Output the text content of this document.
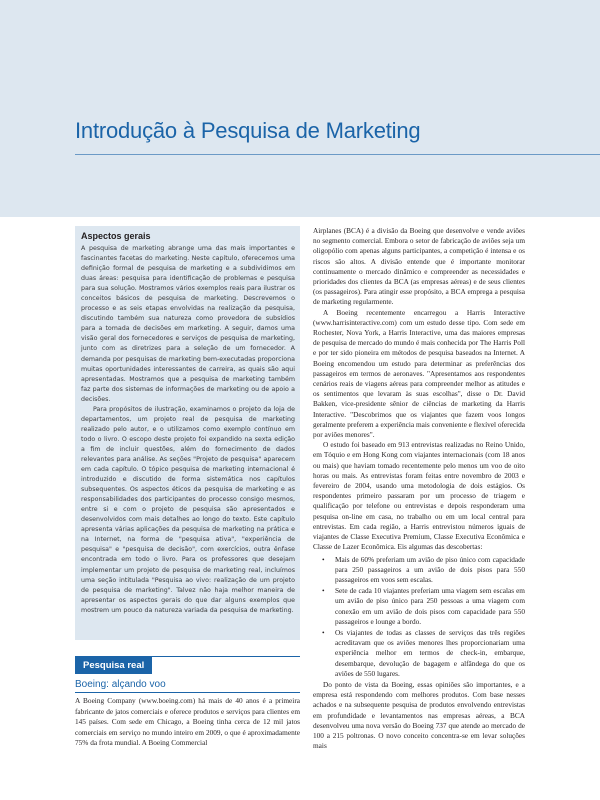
Introdução à Pesquisa de Marketing
Aspectos gerais

A pesquisa de marketing abrange uma das mais importantes e fascinantes facetas do marketing. Neste capítulo, oferecemos uma definição formal de pesquisa de marketing e a subdividimos em duas áreas: pesquisa para identificação de problemas e pesquisa para sua solução. Mostramos vários exemplos reais para ilustrar os conceitos básicos de pesquisa de marketing. Descrevemos o processo e as seis etapas envolvidas na realização da pesquisa, discutindo também sua natureza como provedora de subsídios para a tomada de decisões em marketing. A seguir, damos uma visão geral dos fornecedores e serviços de pesquisa de marketing, junto com as diretrizes para a seleção de um fornecedor. A demanda por pesquisas de marketing bem-executadas proporciona muitas oportunidades interessantes de carreira, as quais são aqui apresentadas. Mostramos que a pesquisa de marketing também faz parte dos sistemas de informações de marketing ou de apoio a decisões.

Para propósitos de ilustração, examinamos o projeto da loja de departamentos, um projeto real de pesquisa de marketing realizado pelo autor, e o utilizamos como exemplo contínuo em todo o livro. O escopo deste projeto foi expandido na sexta edição a fim de incluir questões, além do fornecimento de dados relevantes para análise. As seções "Projeto de pesquisa" aparecem em cada capítulo. O tópico pesquisa de marketing internacional é introduzido e discutido de forma sistemática nos capítulos subsequentes. Os aspectos éticos da pesquisa de marketing e as responsabilidades dos participantes do processo consigo mesmos, entre si e com o projeto de pesquisa são apresentados e desenvolvidos com mais detalhes ao longo do texto. Este capítulo apresenta várias aplicações da pesquisa de marketing na prática e na Internet, na forma de "pesquisa ativa", "experiência de pesquisa" e "pesquisa de decisão", com exercícios, outra ênfase encontrada em todo o livro. Para os professores que desejam implementar um projeto de pesquisa de marketing real, incluímos uma seção intitulada "Pesquisa ao vivo: realização de um projeto de pesquisa de marketing". Talvez não haja melhor maneira de apresentar os aspectos gerais do que dar alguns exemplos que mostrem um pouco da natureza variada da pesquisa de marketing.

Pesquisa real
Boeing: alçando voo

A Boeing Company (www.boeing.com) há mais de 40 anos é a primeira fabricante de jatos comerciais e oferece produtos e serviços para clientes em 145 países. Com sede em Chicago, a Boeing tinha cerca de 12 mil jatos comerciais em serviço no mundo inteiro em 2009, o que é aproximadamente 75% da frota mundial. A Boeing Commercial

Airplanes (BCA) é a divisão da Boeing que desenvolve e vende aviões no segmento comercial. Embora o setor de fabricação de aviões seja um oligopólio com apenas alguns participantes, a competição é intensa e os riscos são altos. A divisão entende que é importante monitorar continuamente o mercado dinâmico e compreender as necessidades e prioridades dos clientes da BCA (as empresas aéreas) e de seus clientes (os passageiros). Para atingir esse propósito, a BCA emprega a pesquisa de marketing regularmente.

A Boeing recentemente encarregou a Harris Interactive (www.harrisinteractive.com) com um estudo desse tipo. Com sede em Rochester, Nova York, a Harris Interactive, uma das maiores empresas de pesquisa de mercado do mundo é mais conhecida por The Harris Poll e por ter sido pioneira em métodos de pesquisa baseados na Internet. A Boeing encomendou um estudo para determinar as preferências dos passageiros em termos de aeronaves. "Apresentamos aos respondentes cenários reais de viagens aéreas para compreender melhor as atitudes e os sentimentos que levaram às suas escolhas", disse o Dr. David Bakken, vice-presidente sênior de ciências de marketing da Harris Interactive. "Descobrimos que os viajantes que fazem voos longos geralmente preferem a experiência mais conveniente e flexível oferecida por aviões menores".

O estudo foi baseado em 913 entrevistas realizadas no Reino Unido, em Tóquio e em Hong Kong com viajantes internacionais (com 18 anos ou mais) que haviam tomado recentemente pelo menos um voo de oito horas ou mais. As entrevistas foram feitas entre novembro de 2003 e fevereiro de 2004, usando uma metodologia de dois estágios. Os respondentes primeiro passaram por um processo de triagem e qualificação por telefone ou entrevistas e depois responderam uma pesquisa on-line em casa, no trabalho ou em um local central para entrevistas. Em cada região, a Harris entrevistou números iguais de viajantes de Classe Executiva Premium, Classe Executiva Econômica e Classe de Lazer Econômica. Eis algumas das descobertas:

• Mais de 60% preferiam um avião de piso único com capacidade para 250 passageiros a um avião de dois pisos para 550 passageiros em voos sem escalas.
• Sete de cada 10 viajantes preferiam uma viagem sem escalas em um avião de piso único para 250 pessoas a uma viagem com conexão em um avião de dois pisos com capacidade para 550 passageiros e lounge a bordo.
• Os viajantes de todas as classes de serviços das três regiões acreditavam que os aviões menores lhes proporcionariam uma experiência melhor em termos de check-in, embarque, desembarque, devolução de bagagem e alfândega do que os aviões de 550 lugares.

Do ponto de vista da Boeing, essas opiniões são importantes, e a empresa está respondendo com melhores produtos. Com base nesses achados e na subsequente pesquisa de produtos envolvendo entrevistas em profundidade e levantamentos nas empresas aéreas, a BCA desenvolveu uma nova versão do Boeing 737 que atende ao mercado de 100 a 215 poltronas. O novo conceito concentra-se em levar soluções mais
